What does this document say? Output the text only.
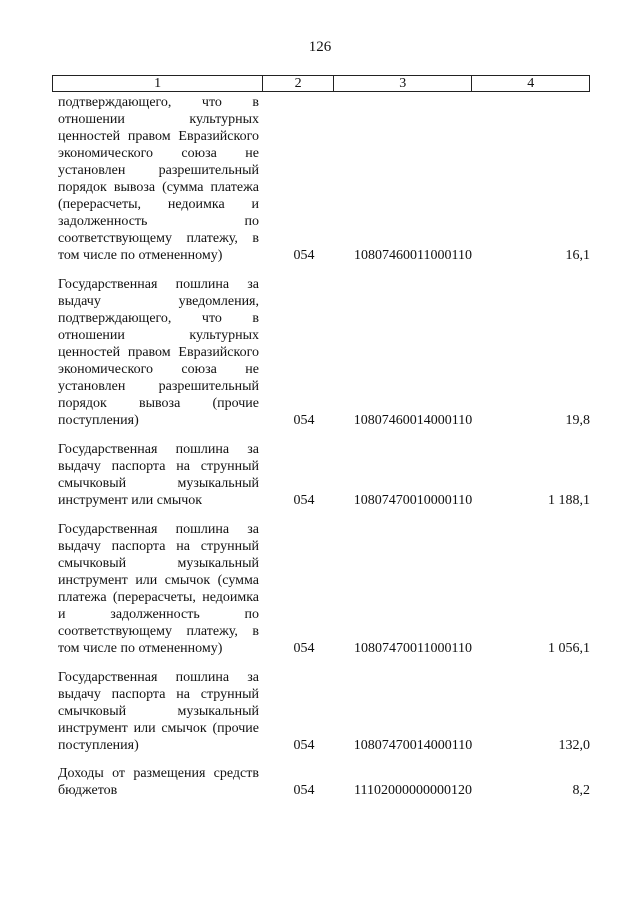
126
1	2	3	4
подтверждающего, что в отношении культурных ценностей правом Евразийского экономического союза не установлен разрешительный порядок вывоза (сумма платежа (перерасчеты, недоимка и задолженность по соответствующему платежу, в том числе по отмененному)	054	10807460011000110	16,1
Государственная пошлина за выдачу уведомления, подтверждающего, что в отношении культурных ценностей правом Евразийского экономического союза не установлен разрешительный порядок вывоза (прочие поступления)	054	10807460014000110	19,8
Государственная пошлина за выдачу паспорта на струнный смычковый музыкальный инструмент или смычок	054	10807470010000110	1 188,1
Государственная пошлина за выдачу паспорта на струнный смычковый музыкальный инструмент или смычок (сумма платежа (перерасчеты, недоимка и задолженность по соответствующему платежу, в том числе по отмененному)	054	10807470011000110	1 056,1
Государственная пошлина за выдачу паспорта на струнный смычковый музыкальный инструмент или смычок (прочие поступления)	054	10807470014000110	132,0
Доходы от размещения средств бюджетов	054	11102000000000120	8,2
